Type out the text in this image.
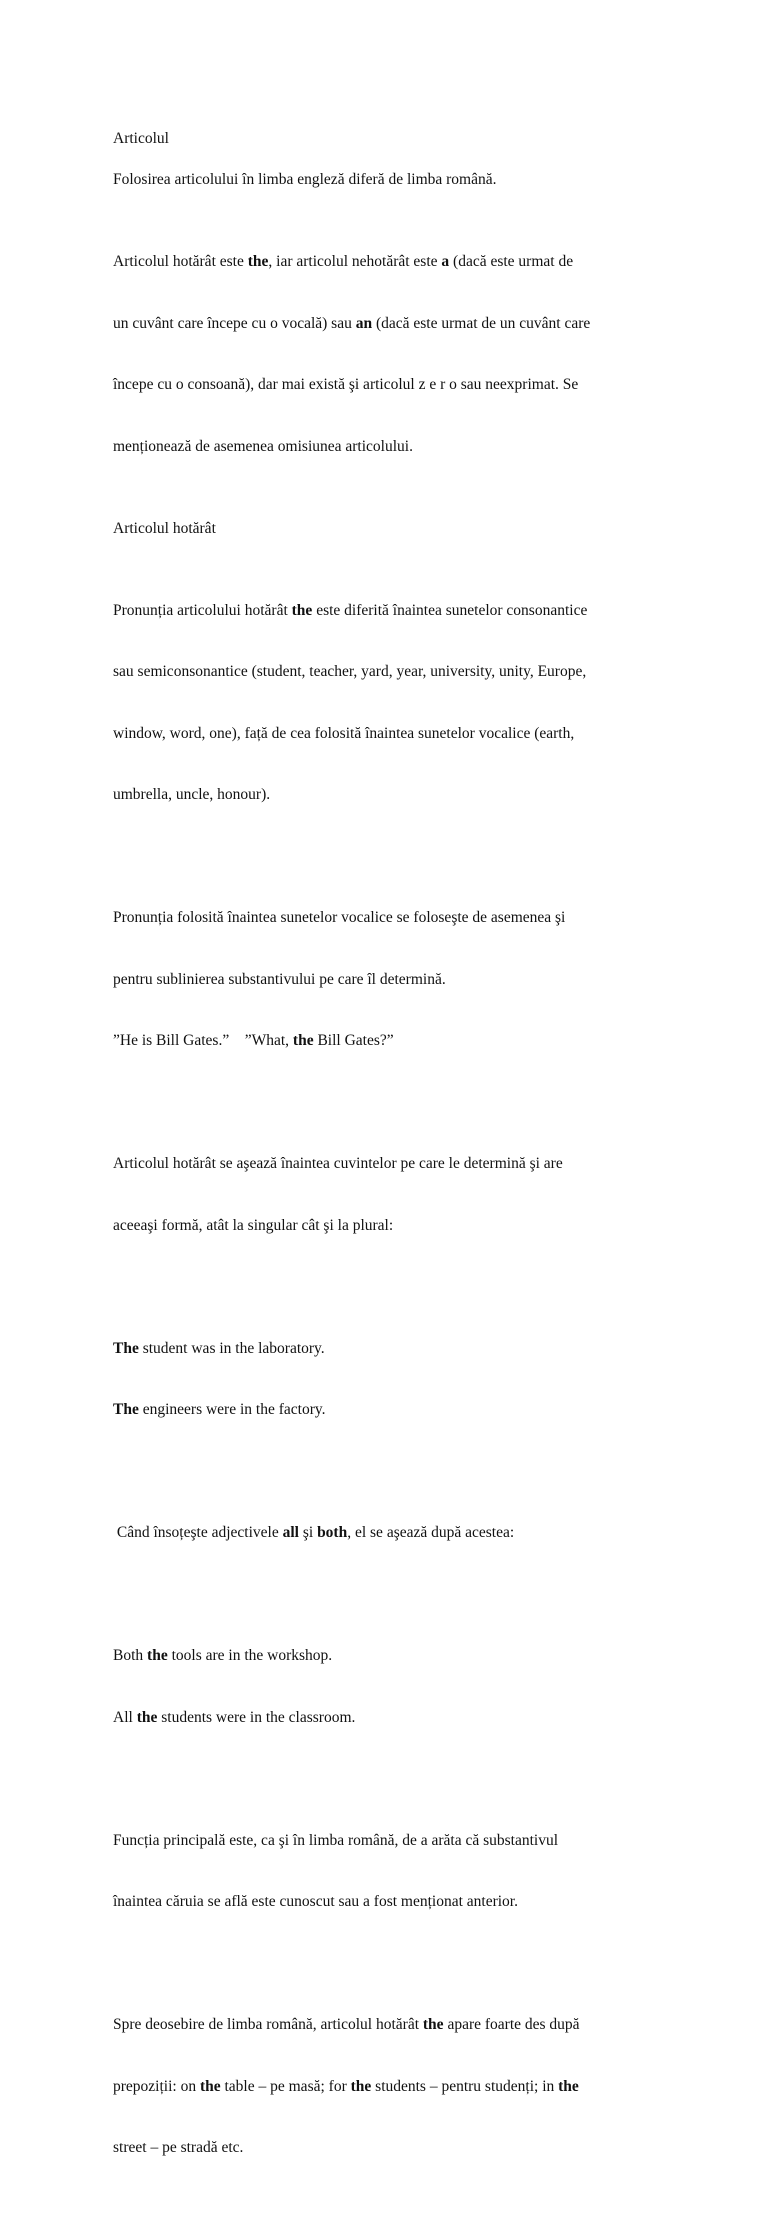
Articolul

Folosirea articolului în limba engleză diferă de limba română.

Articolul hotărât este the, iar articolul nehotărât este a (dacă este urmat de

un cuvânt care începe cu o vocală) sau an (dacă este urmat de un cuvânt care

începe cu o consoană), dar mai există şi articolul z e r o sau neexprimat. Se

menționează de asemenea omisiunea articolului.

Articolul hotărât

Pronunția articolului hotărât the este diferită înaintea sunetelor consonantice

sau semiconsonantice (student, teacher, yard, year, university, unity, Europe,

window, word, one), față de cea folosită înaintea sunetelor vocalice (earth,

umbrella, uncle, honour).

Pronunția folosită înaintea sunetelor vocalice se foloseşte de asemenea şi

pentru sublinierea substantivului pe care îl determină.

”He is Bill Gates.”    ”What, the Bill Gates?”

Articolul hotărât se aşează înaintea cuvintelor pe care le determină şi are

aceeaşi formă, atât la singular cât şi la plural:

The student was in the laboratory.

The engineers were in the factory.

Când însoțeşte adjectivele all şi both, el se aşează după acestea:

Both the tools are in the workshop.

All the students were in the classroom.

Funcția principală este, ca şi în limba română, de a arăta că substantivul

înaintea căruia se află este cunoscut sau a fost menționat anterior.

Spre deosebire de limba română, articolul hotărât the apare foarte des după

prepoziții: on the table – pe masă; for the students – pentru studenți; in the

street – pe stradă etc.
